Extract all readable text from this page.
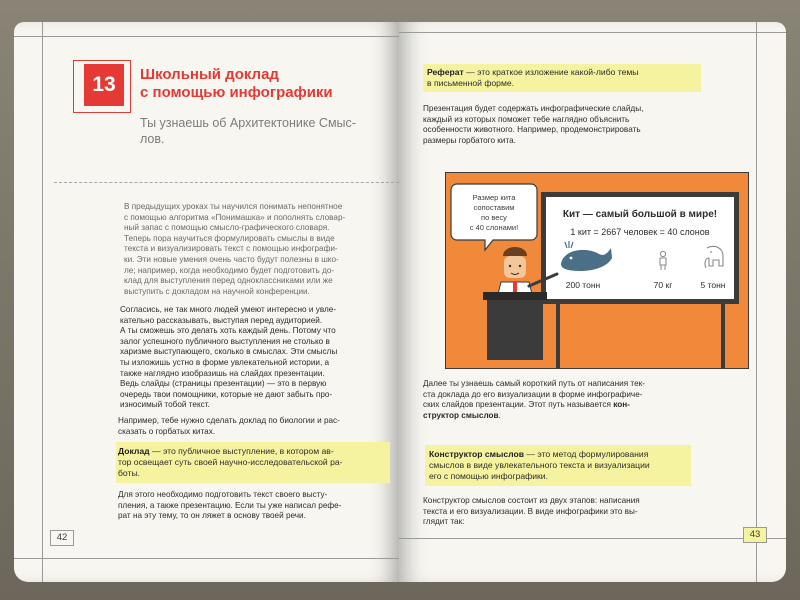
13	Школьный доклад
с помощью инфографики
Ты узнаешь об Архитектонике Смыс-
лов.
В предыдущих уроках ты научился понимать непонятное
с помощью алгоритма «Понимашка» и пополнять словар-
ный запас с помощью смысло-графического словаря.
Теперь пора научиться формулировать смыслы в виде
текста и визуализировать текст с помощью инфографи-
ки. Эти новые умения очень часто будут полезны в шко-
ле; например, когда необходимо будет подготовить до-
клад для выступления перед одноклассниками или же
выступить с докладом на научной конференции.
Согласись, не так много людей умеют интересно и увле-
кательно рассказывать, выступая перед аудиторией.
А ты сможешь это делать хоть каждый день. Потому что
залог успешного публичного выступления не столько в
харизме выступающего, сколько в смыслах. Эти смыслы
ты изложишь устно в форме увлекательной истории, а
также наглядно изобразишь на слайдах презентации.
Ведь слайды (страницы презентации) — это в первую
очередь твои помощники, которые не дают забыть про-
износимый тобой текст.
Например, тебе нужно сделать доклад по биологии и рас-
сказать о горбатых китах.
Доклад — это публичное выступление, в котором ав-
тор освещает суть своей научно-исследовательской ра-
боты.
Для этого необходимо подготовить текст своего высту-
пления, а также презентацию. Если ты уже написал рефе-
рат на эту тему, то он ляжет в основу твоей речи.
42
Реферат — это краткое изложение какой-либо темы
в письменной форме.
Презентация будет содержать инфографические слайды,
каждый из которых поможет тебе наглядно объяснить
особенности животного. Например, продемонстрировать
размеры горбатого кита.
Кит — самый большой в мире!
1 кит = 2667 человек = 40 слонов
200 тонн	70 кг	5 тонн
Размер кита
сопоставим
по весу
с 40 слонами!
Далее ты узнаешь самый короткий путь от написания тек-
ста доклада до его визуализации в форме инфографиче-
ских слайдов презентации. Этот путь называется кон-
структор смыслов.
Конструктор смыслов — это метод формулирования
смыслов в виде увлекательного текста и визуализации
его с помощью инфографики.
Конструктор смыслов состоит из двух этапов: написания
текста и его визуализации. В виде инфографики это вы-
глядит так:
43
